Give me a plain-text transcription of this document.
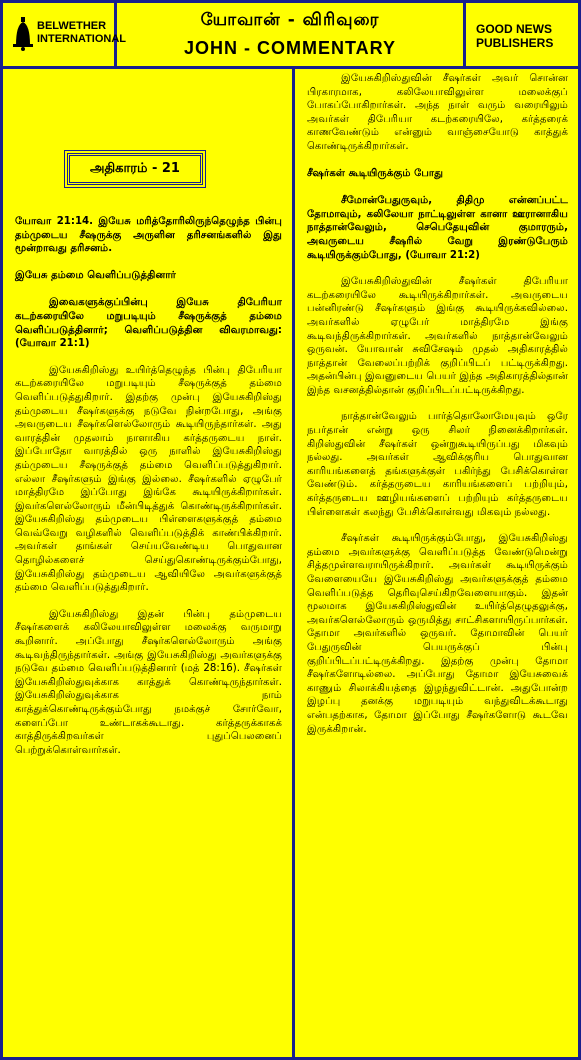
BELWETHER
INTERNATIONAL
யோவான் - விரிவுரை
JOHN - COMMENTARY
GOOD NEWS
PUBLISHERS
அதிகாரம் - 21

யோவா 21:14. இயேசு மரித்தோரிலிருந்தெழுந்த பின்பு தம்முடைய சீஷருக்கு அருளின தரிசனங்களில் இது மூன்றாவது தரிசனம்.

இயேசு தம்மை வெளிப்படுத்தினார்

இவைகளுக்குப்பின்பு இயேசு திபேரியா கடற்கரையிலே மறுபடியும் சீஷருக்குத் தம்மை வெளிப்படுத்தினார்; வெளிப்படுத்தின விவரமாவது: (யோவா 21:1)

இயேசுகிறிஸ்து உயிர்த்தெழுந்த பின்பு திபேரியா கடற்கரையிலே மறுபடியும் சீஷருக்குத் தம்மை வெளிப்படுத்துகிறார். இதற்கு முன்பு இயேசுகிறிஸ்து தம்முடைய சீஷர்களுக்கு நடுவே நின்றபோது, அங்கு அவருடைய சீஷர்களெல்லோரும் கூடியிருந்தார்கள். அது வாரத்தின் முதலாம் நாளாகிய கர்த்தருடைய நாள். இப்போதோ வாரத்தில் ஒரு நாளில் இயேசுகிறிஸ்து தம்முடைய சீஷருக்குத் தம்மை வெளிப்படுத்துகிறார். எல்லா சீஷர்களும் இங்கு இல்லை. சீஷர்களில் ஏழுபேர் மாத்திரமே இப்போது இங்கே கூடியிருக்கிறார்கள். இவர்களெல்லோரும் மீன்பிடித்துக் கொண்டிருக்கிறார்கள். இயேசுகிறிஸ்து தம்முடைய பிள்ளைகளுக்குத் தம்மை வெவ்வேறு வழிகளில் வெளிப்படுத்திக் காண்பிக்கிறார். அவர்கள் தாங்கள் செய்யவேண்டிய பொதுவான தொழில்களைச் செய்துகொண்டிருக்கும்போது, இயேசுகிறிஸ்து தம்முடைய ஆவியிலே அவர்களுக்குத் தம்மை வெளிப்படுத்துகிறார்.

இயேசுகிறிஸ்து இதன் பின்பு தம்முடைய சீஷர்களைக் கலிலேயாவிலுள்ள மலைக்கு வருமாறு கூறினார். அப்போது சீஷர்களெல்லோரும் அங்கு கூடிவந்திருந்தார்கள். அங்கு இயேசுகிறிஸ்து அவர்களுக்கு நடுவே தம்மை வெளிப்படுத்தினார் (மத் 28:16). சீஷர்கள் இயேசுகிறிஸ்துவுக்காக காத்துக் கொண்டிருந்தார்கள். இயேசுகிறிஸ்துவுக்காக நாம் காத்துக்கொண்டிருக்கும்போது நமக்குச் சோர்வோ, களைப்போ உண்டாகக்கூடாது. கர்த்தருக்காகக் காத்திருக்கிறவர்கள் புதுப்பெலனைப் பெற்றுக்கொள்வார்கள்.

இயேசுகிறிஸ்துவின் சீஷர்கள் அவர் சொன்ன பிரகாரமாக, கலிலேயாவிலுள்ள மலைக்குப் போகப்போகிறார்கள். அந்த நாள் வரும் வரையிலும் அவர்கள் திபேரியா கடற்கரையிலே, கர்த்தரைக் காணவேண்டும் என்னும் வாஞ்சையோடு காத்துக் கொண்டிருக்கிறார்கள்.

சீஷர்கள் கூடியிருக்கும் போது

சீமோன்பேதுருவும், திதிமு என்னப்பட்ட தோமாவும், கலிலேயா நாட்டிலுள்ள கானா ஊரானாகிய நாத்தான்வேலும், செபெதேயுவின் குமாரரும், அவருடைய சீஷரில் வேறு இரண்டுபேரும் கூடியிருக்கும்போது, (யோவா 21:2)

இயேசுகிறிஸ்துவின் சீஷர்கள் திபேரியா கடற்கரையிலே கூடியிருக்கிறார்கள். அவருடைய பன்னிரண்டு சீஷர்களும் இங்கு கூடியிருக்கவில்லை. அவர்களில் ஏழுபேர் மாத்திரமே இங்கு கூடிவந்திருக்கிறார்கள். அவர்களில் நாத்தான்வேலும் ஒருவன். யோவான் சுவிசேஷம் முதல் அதிகாரத்தில் நாத்தான் வேலைப்பற்றிக் குறிப்பிடப் பட்டிருக்கிறது. அதன்பின்பு இவனுடைய பெயர் இந்த அதிகாரத்தில்தான் இந்த வசனத்தில்தான் குறிப்பிடப்பட்டிருக்கிறது.

நாத்தான்வேலும் பார்த்தொலோமேயுவும் ஒரே நபர்தான் என்று ஒரு சிலர் நினைக்கிறார்கள். கிறிஸ்துவின் சீஷர்கள் ஒன்றுகூடியிருப்பது மிகவும் நல்லது. அவர்கள் ஆவிக்குரிய பொதுவான காரியங்களைத் தங்களுக்குள் பகிர்ந்து பேசிக்கொள்ள வேண்டும். கர்த்தருடைய காரியங்களைப் பற்றியும், கர்த்தருடைய ஊழியங்களைப் பற்றியும் கர்த்தருடைய பிள்ளைகள் கலந்து பேசிக்கொள்வது மிகவும் நல்லது.

சீஷர்கள் கூடியிருக்கும்போது, இயேசுகிறிஸ்து தம்மை அவர்களுக்கு வெளிப்படுத்த வேண்டுமென்று சித்தமுள்ளவராயிருக்கிறார். அவர்கள் கூடியிருக்கும் வேளையையே இயேசுகிறிஸ்து அவர்களுக்குத் தம்மை வெளிப்படுத்த தெரிவுசெய்கிறவேளையாகும். இதன் மூலமாக இயேசுகிறிஸ்துவின் உயிர்த்தெழுதலுக்கு, அவர்களெல்லோரும் ஒருமித்து சாட்சிகளாயிருப்பார்கள். தோமா அவர்களில் ஒருவர். தோமாவின் பெயர் பேதுருவின் பெயருக்குப் பின்பு குறிப்பிடப்பட்டிருக்கிறது. இதற்கு முன்பு தோமா சீஷர்களோடில்லை. அப்போது தோமா இயேசுவைக் காணும் சிலாக்கியத்தை இழந்துவிட்டான். அதுபோன்ற இழப்பு தனக்கு மறுபடியும் வந்துவிடக்கூடாது என்பதற்காக, தோமா இப்போது சீஷர்களோடு கூடவே இருக்கிறான்.
